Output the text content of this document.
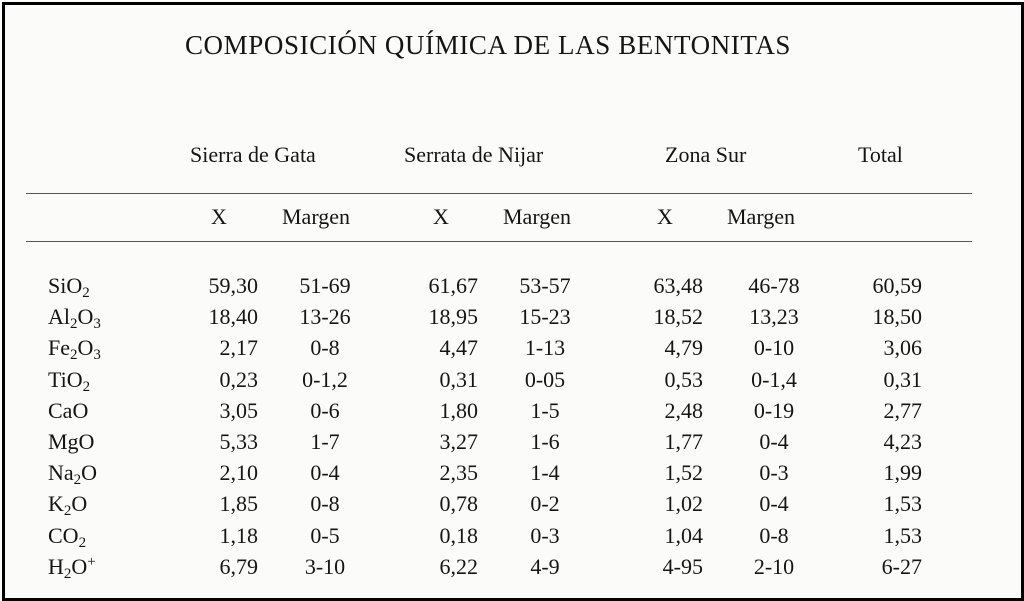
COMPOSICIÓN QUÍMICA DE LAS BENTONITAS
Sierra de Gata	Serrata de Nijar	Zona Sur	Total
X	Margen	X Margen	X Margen
SiO$_2$	59,30	51-69	61,67	53-57	63,48	46-78	60,59
$Al_2O_3$	18,40	13-26	18,95	15-23	18,52	13,23	18,50
$Fe_2O_3$	2,17	0-8	4,47	1-13	4,79	0-10	3,06
TiO$_2$	0,23	0-1,2	0,31	0-05	0,53	0-1,4	0,31
CaO	3,05	0-6	1,80	1-5	2,48	0-19	2,77
MgO	5,33	1-7	3,27	1-6	1,77	0-4	4,23
$Na_2O$	2,10	0-4	2,35	1-4	1,52	0-3	1,99
$K_2O$	1,85	0-8	0,78	0-2	1,02	0-4	1,53
$CO_2$	1,18	0-5	0,18	0-3	1,04	0-8	1,53
$H_2O^+$	6,79	3-10	6,22	4-9	4-95	2-10	6-27
